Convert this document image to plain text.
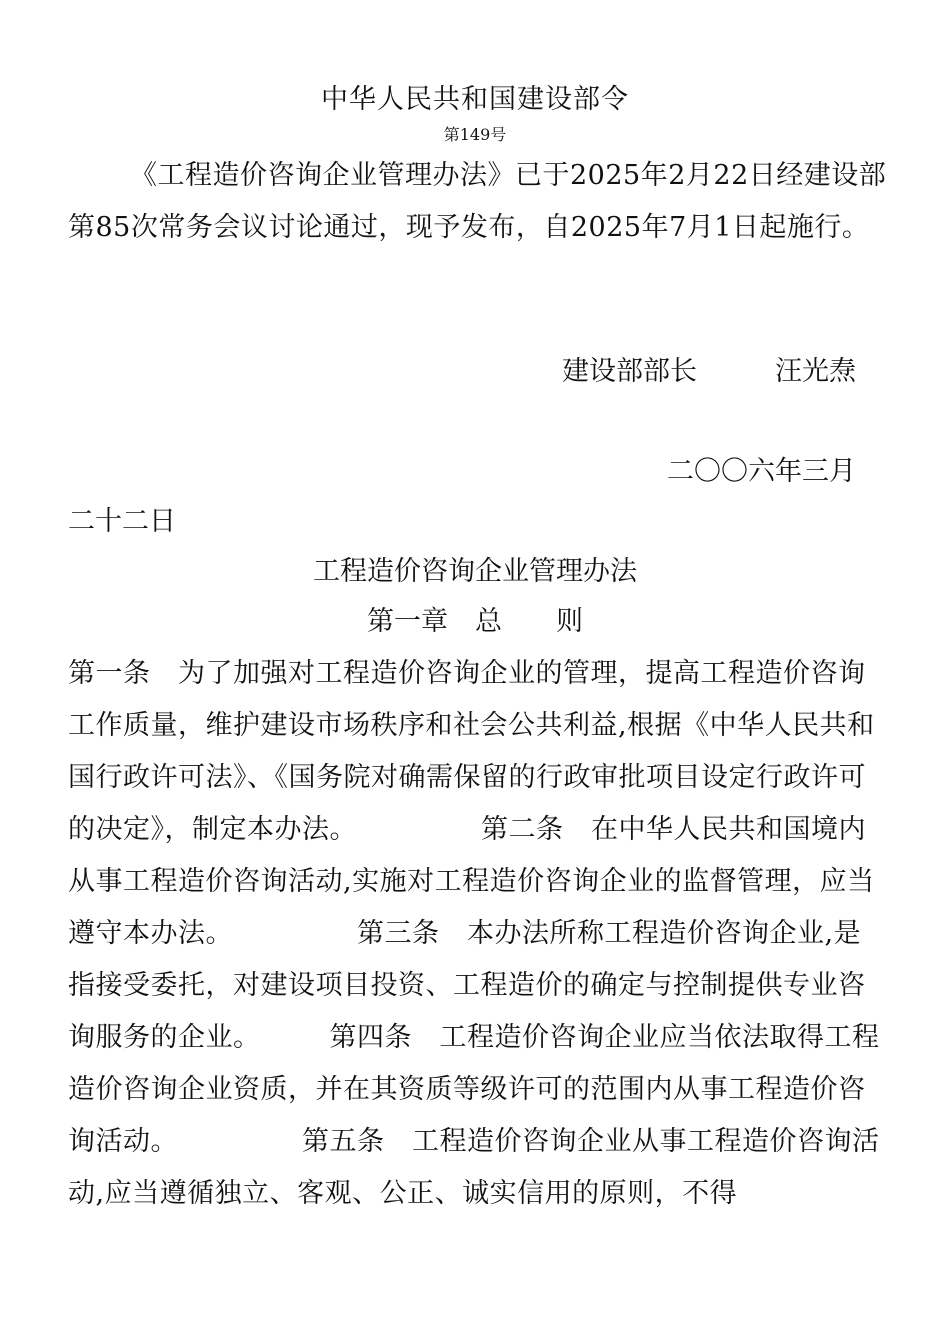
中华人民共和国建设部令
第149号

《工程造价咨询企业管理办法》已于2025年2月22日经建设部第85次常务会议讨论通过，现予发布，自2025年7月1日起施行。

建设部部长	汪光焘
二〇〇六年三月
二十二日
工程造价咨询企业管理办法
第一章　总　　则

第一条　为了加强对工程造价咨询企业的管理，提高工程造价咨询工作质量，维护建设市场秩序和社会公共利益,根据《中华人民共和国行政许可法》、《国务院对确需保留的行政审批项目设定行政许可的决定》，制定本办法。　　　　　第二条　在中华人民共和国境内从事工程造价咨询活动,实施对工程造价咨询企业的监督管理，应当遵守本办法。　　　　　第三条　本办法所称工程造价咨询企业,是指接受委托，对建设项目投资、工程造价的确定与控制提供专业咨询服务的企业。　　　第四条　工程造价咨询企业应当依法取得工程造价咨询企业资质，并在其资质等级许可的范围内从事工程造价咨询活动。　　　　　第五条　工程造价咨询企业从事工程造价咨询活动,应当遵循独立、客观、公正、诚实信用的原则，不得
